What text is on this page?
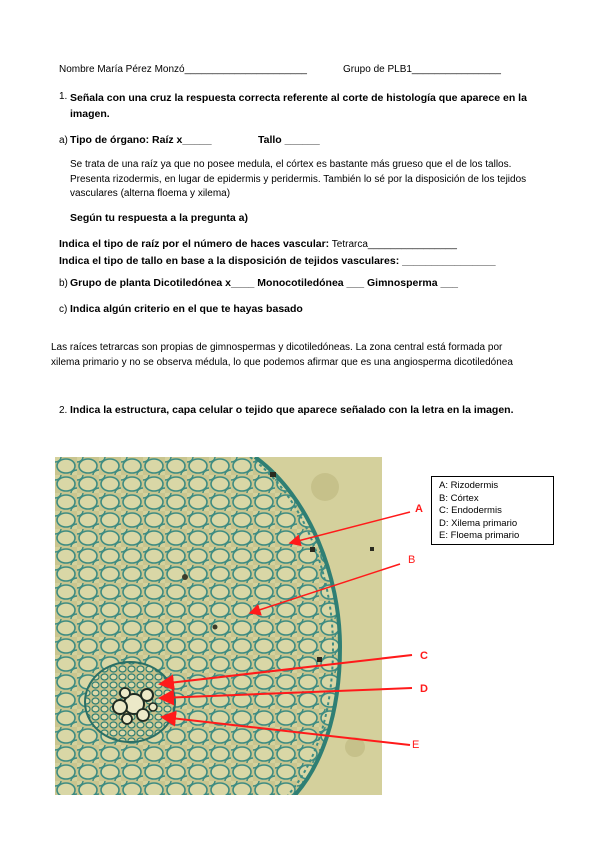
Nombre María Pérez Monzó______________________	Grupo de PLB1________________
1. Señala con una cruz la respuesta correcta referente al corte de histología que aparece en la imagen.
a) Tipo de órgano: Raíz x_____	Tallo ______
Se trata de una raíz ya que no posee medula, el córtex es bastante más grueso que el de los tallos. Presenta rizodermis, en lugar de epidermis y peridermis. También lo sé por la disposición de los tejidos vasculares (alterna floema y xilema)
Según tu respuesta a la pregunta a)
Indica el tipo de raíz por el número de haces vascular: Tetrarca________________
Indica el tipo de tallo en base a la disposición de tejidos vasculares: ________________
b) Grupo de planta Dicotiledónea x____ Monocotiledónea ___ Gimnosperma ___
c) Indica algún criterio en el que te hayas basado
Las raíces tetrarcas son propias de gimnospermas y dicotiledóneas. La zona central está formada por xilema primario y no se observa médula, lo que podemos afirmar que es una angiosperma dicotiledónea
2. Indica la estructura, capa celular o tejido que aparece señalado con la letra en la imagen.
A
B
C
D
E
A: Rizodermis
B: Córtex
C: Endodermis
D: Xilema primario
E: Floema primario
